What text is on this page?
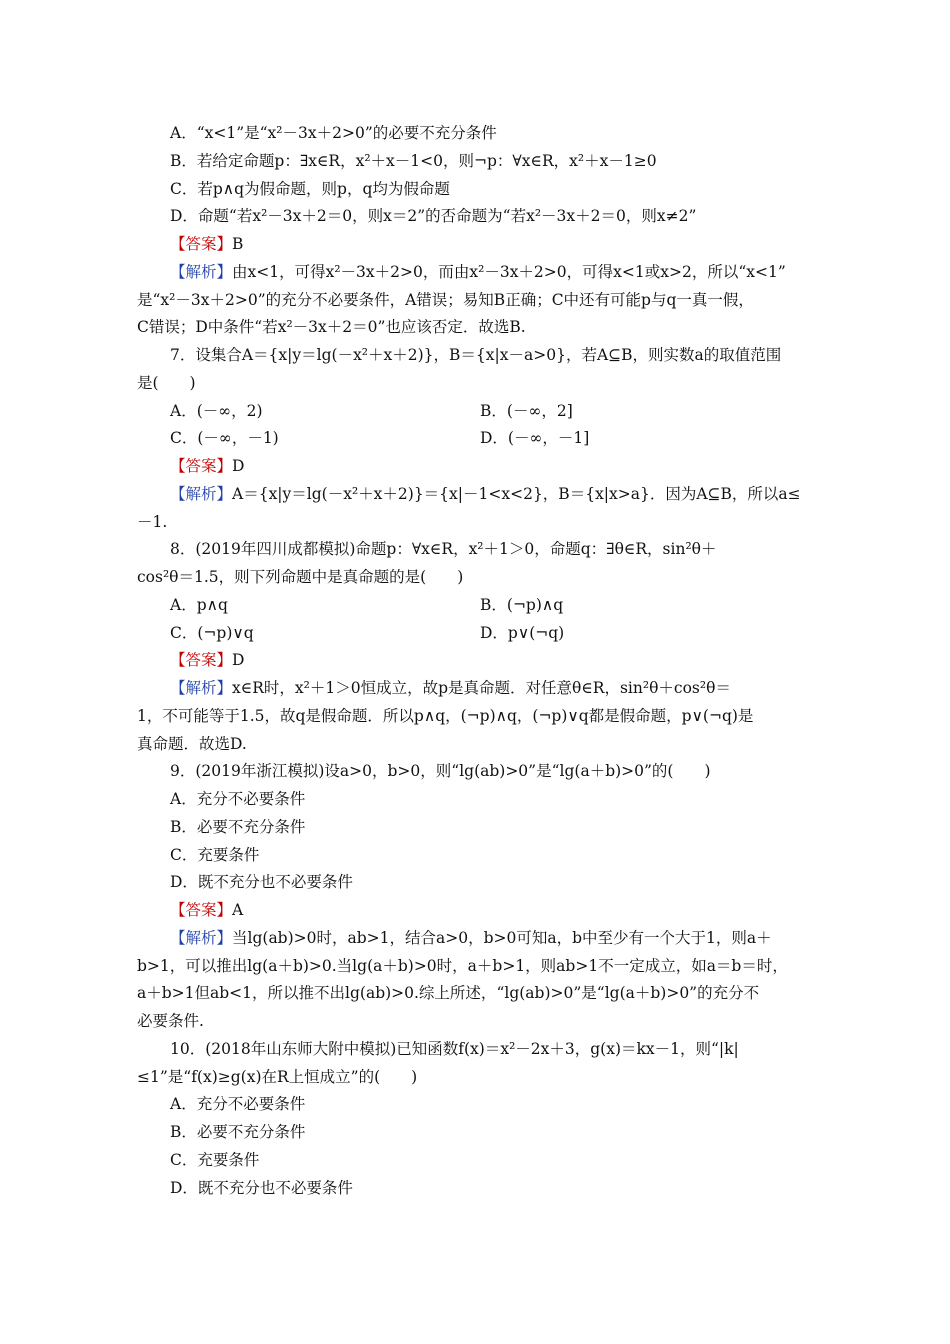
A．“x<1”是“x²－3x＋2>0”的必要不充分条件
B．若给定命题p：∃x∈R，x²＋x－1<0，则¬p：∀x∈R，x²＋x－1≥0
C．若p∧q为假命题，则p，q均为假命题
D．命题“若x²－3x＋2＝0，则x＝2”的否命题为“若x²－3x＋2＝0，则x≠2”
【答案】B
【解析】由x<1，可得x²－3x＋2>0，而由x²－3x＋2>0，可得x<1或x>2，所以“x<1”
是“x²－3x＋2>0”的充分不必要条件，A错误；易知B正确；C中还有可能p与q一真一假，
C错误；D中条件“若x²－3x＋2＝0”也应该否定．故选B.
7．设集合A＝{x|y＝lg(－x²＋x＋2)}，B＝{x|x－a>0}，若A⊆B，则实数a的取值范围
是(　　)
A．(－∞，2)	B．(－∞，2]
C．(－∞，－1)	D．(－∞，－1]
【答案】D
【解析】A＝{x|y＝lg(－x²＋x＋2)}＝{x|－1<x<2}，B＝{x|x>a}．因为A⊆B，所以a≤
－1.
8．(2019年四川成都模拟)命题p：∀x∈R，x²＋1＞0，命题q：∃θ∈R，sin²θ＋
cos²θ＝1.5，则下列命题中是真命题的是(　　)
A．p∧q	B．(¬p)∧q
C．(¬p)∨q	D．p∨(¬q)
【答案】D
【解析】x∈R时，x²＋1＞0恒成立，故p是真命题．对任意θ∈R，sin²θ＋cos²θ＝
1，不可能等于1.5，故q是假命题．所以p∧q，(¬p)∧q，(¬p)∨q都是假命题，p∨(¬q)是
真命题．故选D.
9．(2019年浙江模拟)设a>0，b>0，则“lg(ab)>0”是“lg(a＋b)>0”的(　　)
A．充分不必要条件
B．必要不充分条件
C．充要条件
D．既不充分也不必要条件
【答案】A
【解析】当lg(ab)>0时，ab>1，结合a>0，b>0可知a，b中至少有一个大于1，则a＋
b>1，可以推出lg(a＋b)>0.当lg(a＋b)>0时，a＋b>1，则ab>1不一定成立，如a＝b＝时，
a＋b>1但ab<1，所以推不出lg(ab)>0.综上所述，“lg(ab)>0”是“lg(a＋b)>0”的充分不
必要条件.
10．(2018年山东师大附中模拟)已知函数f(x)＝x²－2x＋3，g(x)＝kx－1，则“|k|
≤1”是“f(x)≥g(x)在R上恒成立”的(　　)
A．充分不必要条件
B．必要不充分条件
C．充要条件
D．既不充分也不必要条件
